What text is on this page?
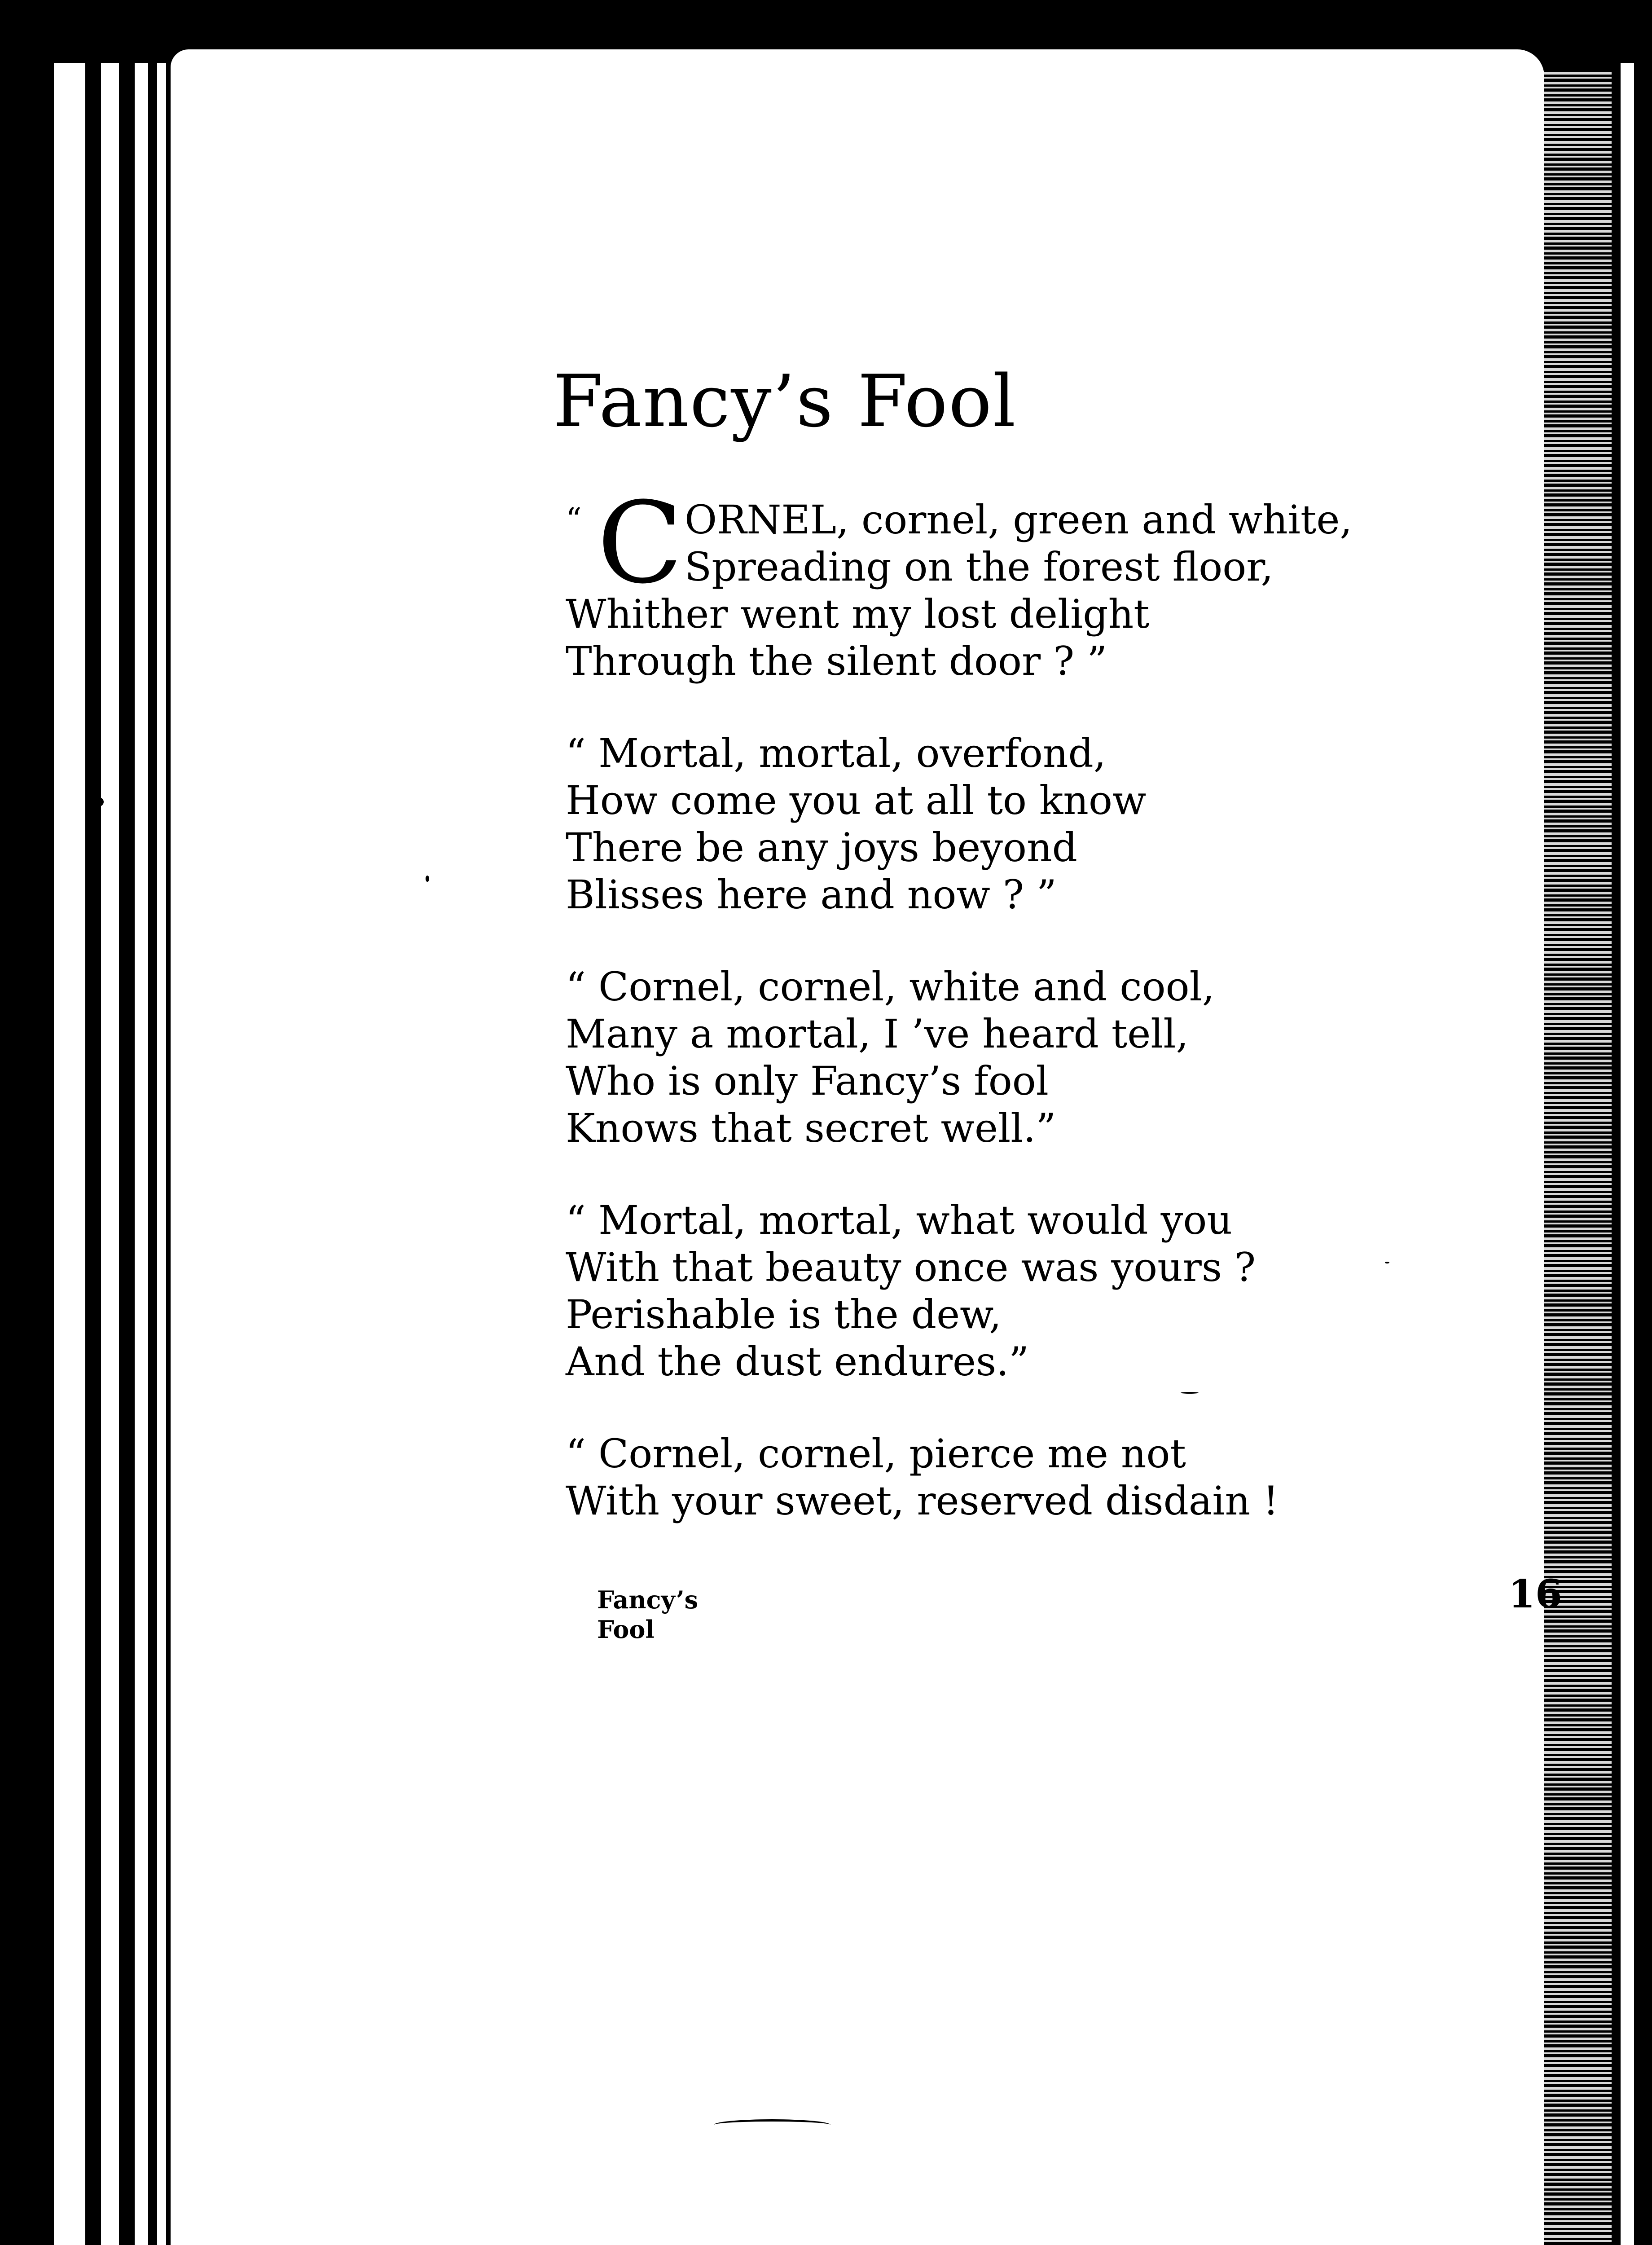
Fancy’s Fool
“ C ORNEL, cornel, green and white,
Spreading on the forest floor,
Whither went my lost delight
Through the silent door ? ”
“ Mortal, mortal, overfond,
How come you at all to know
There be any joys beyond
Blisses here and now ? ”
“ Cornel, cornel, white and cool,
Many a mortal, I ’ve heard tell,
Who is only Fancy’s fool
Knows that secret well.”
“ Mortal, mortal, what would you
With that beauty once was yours ?
Perishable is the dew,
And the dust endures.”
“ Cornel, cornel, pierce me not
With your sweet, reserved disdain !
Fancy’s
Fool
16
